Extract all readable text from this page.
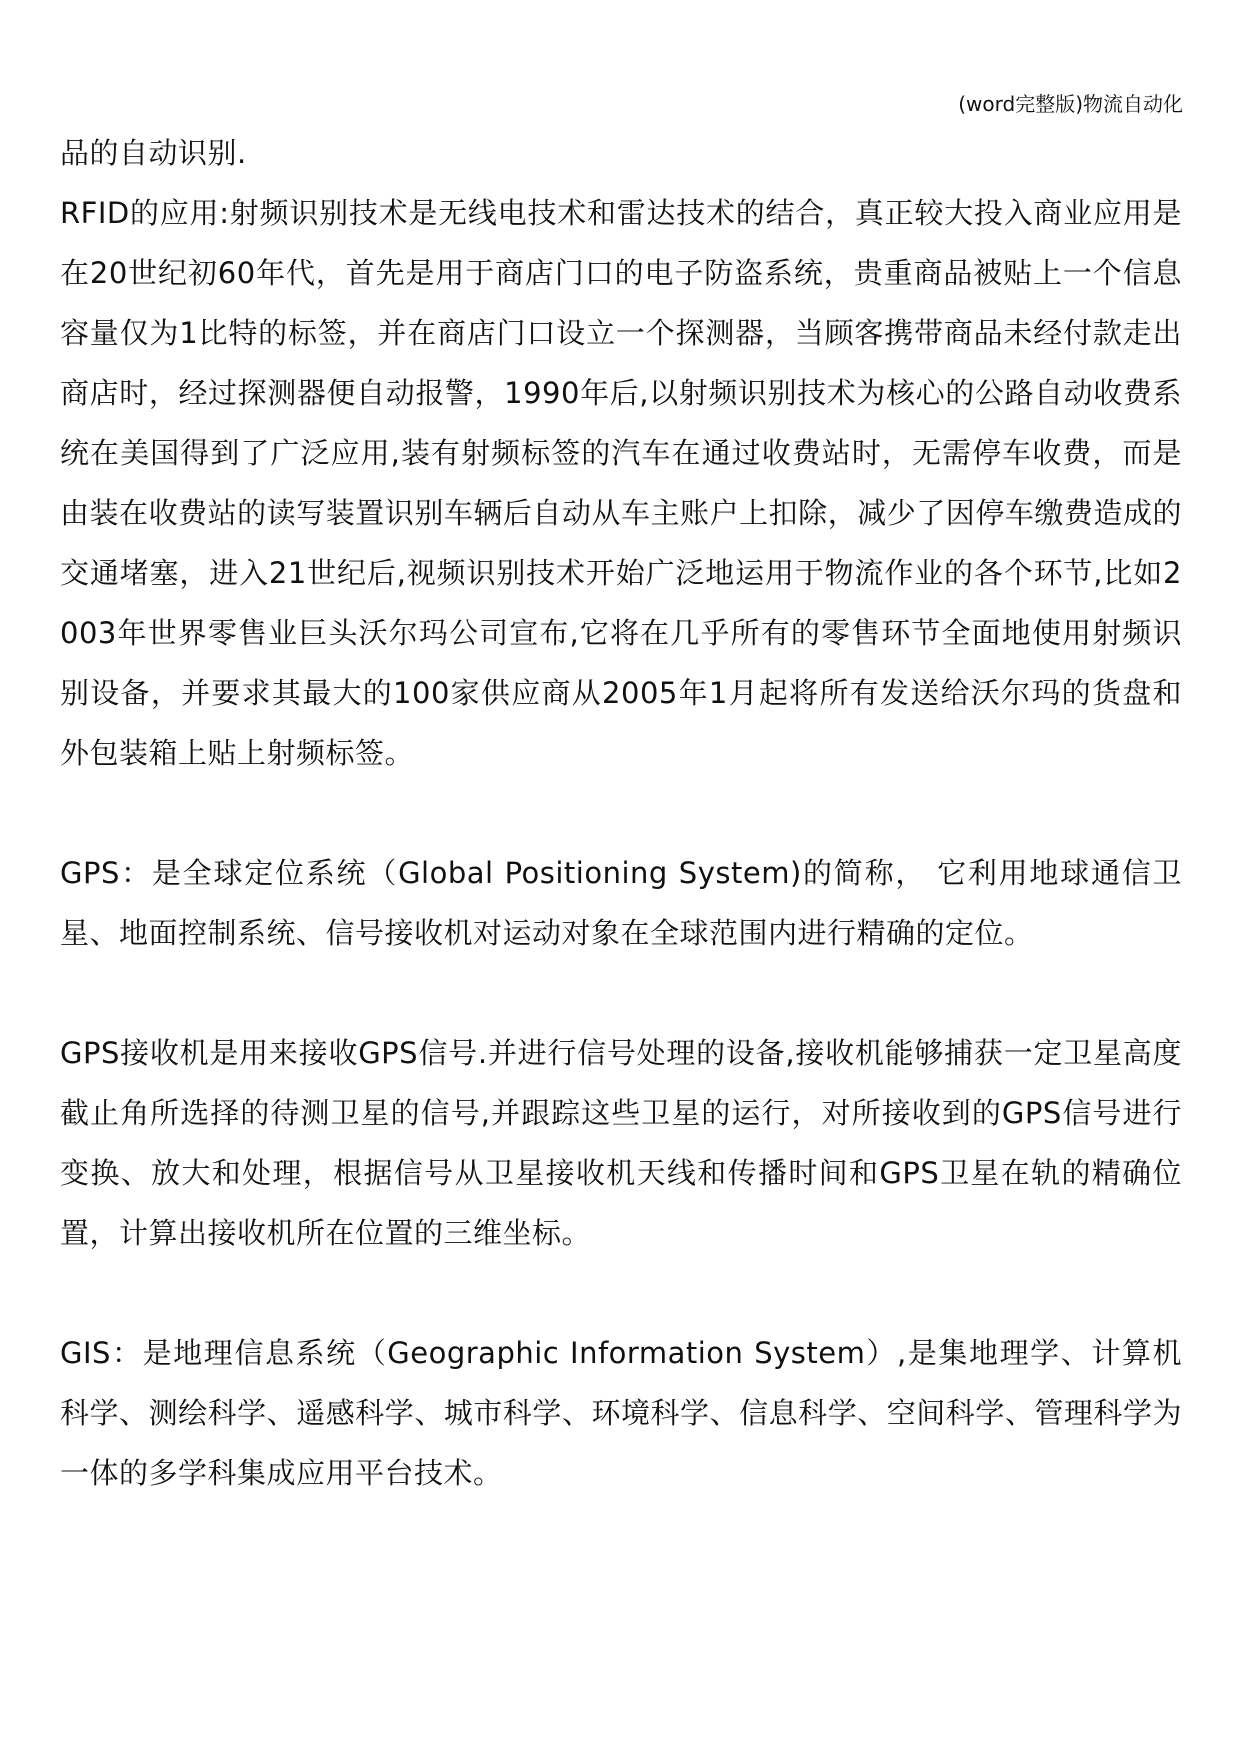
(word完整版)物流自动化

品的自动识别.

RFID的应用:射频识别技术是无线电技术和雷达技术的结合，真正较大投入商业应用是在20世纪初60年代，首先是用于商店门口的电子防盗系统，贵重商品被贴上一个信息容量仅为1比特的标签，并在商店门口设立一个探测器，当顾客携带商品未经付款走出商店时，经过探测器便自动报警，1990年后,以射频识别技术为核心的公路自动收费系统在美国得到了广泛应用,装有射频标签的汽车在通过收费站时，无需停车收费，而是由装在收费站的读写装置识别车辆后自动从车主账户上扣除，减少了因停车缴费造成的交通堵塞，进入21世纪后,视频识别技术开始广泛地运用于物流作业的各个环节,比如2003年世界零售业巨头沃尔玛公司宣布,它将在几乎所有的零售环节全面地使用射频识别设备，并要求其最大的100家供应商从2005年1月起将所有发送给沃尔玛的货盘和外包装箱上贴上射频标签。

GPS：是全球定位系统（Global Positioning System)的简称， 它利用地球通信卫星、地面控制系统、信号接收机对运动对象在全球范围内进行精确的定位。

GPS接收机是用来接收GPS信号.并进行信号处理的设备,接收机能够捕获一定卫星高度截止角所选择的待测卫星的信号,并跟踪这些卫星的运行，对所接收到的GPS信号进行变换、放大和处理，根据信号从卫星接收机天线和传播时间和GPS卫星在轨的精确位置，计算出接收机所在位置的三维坐标。

GIS：是地理信息系统（Geographic Information System）,是集地理学、计算机科学、测绘科学、遥感科学、城市科学、环境科学、信息科学、空间科学、管理科学为一体的多学科集成应用平台技术。
